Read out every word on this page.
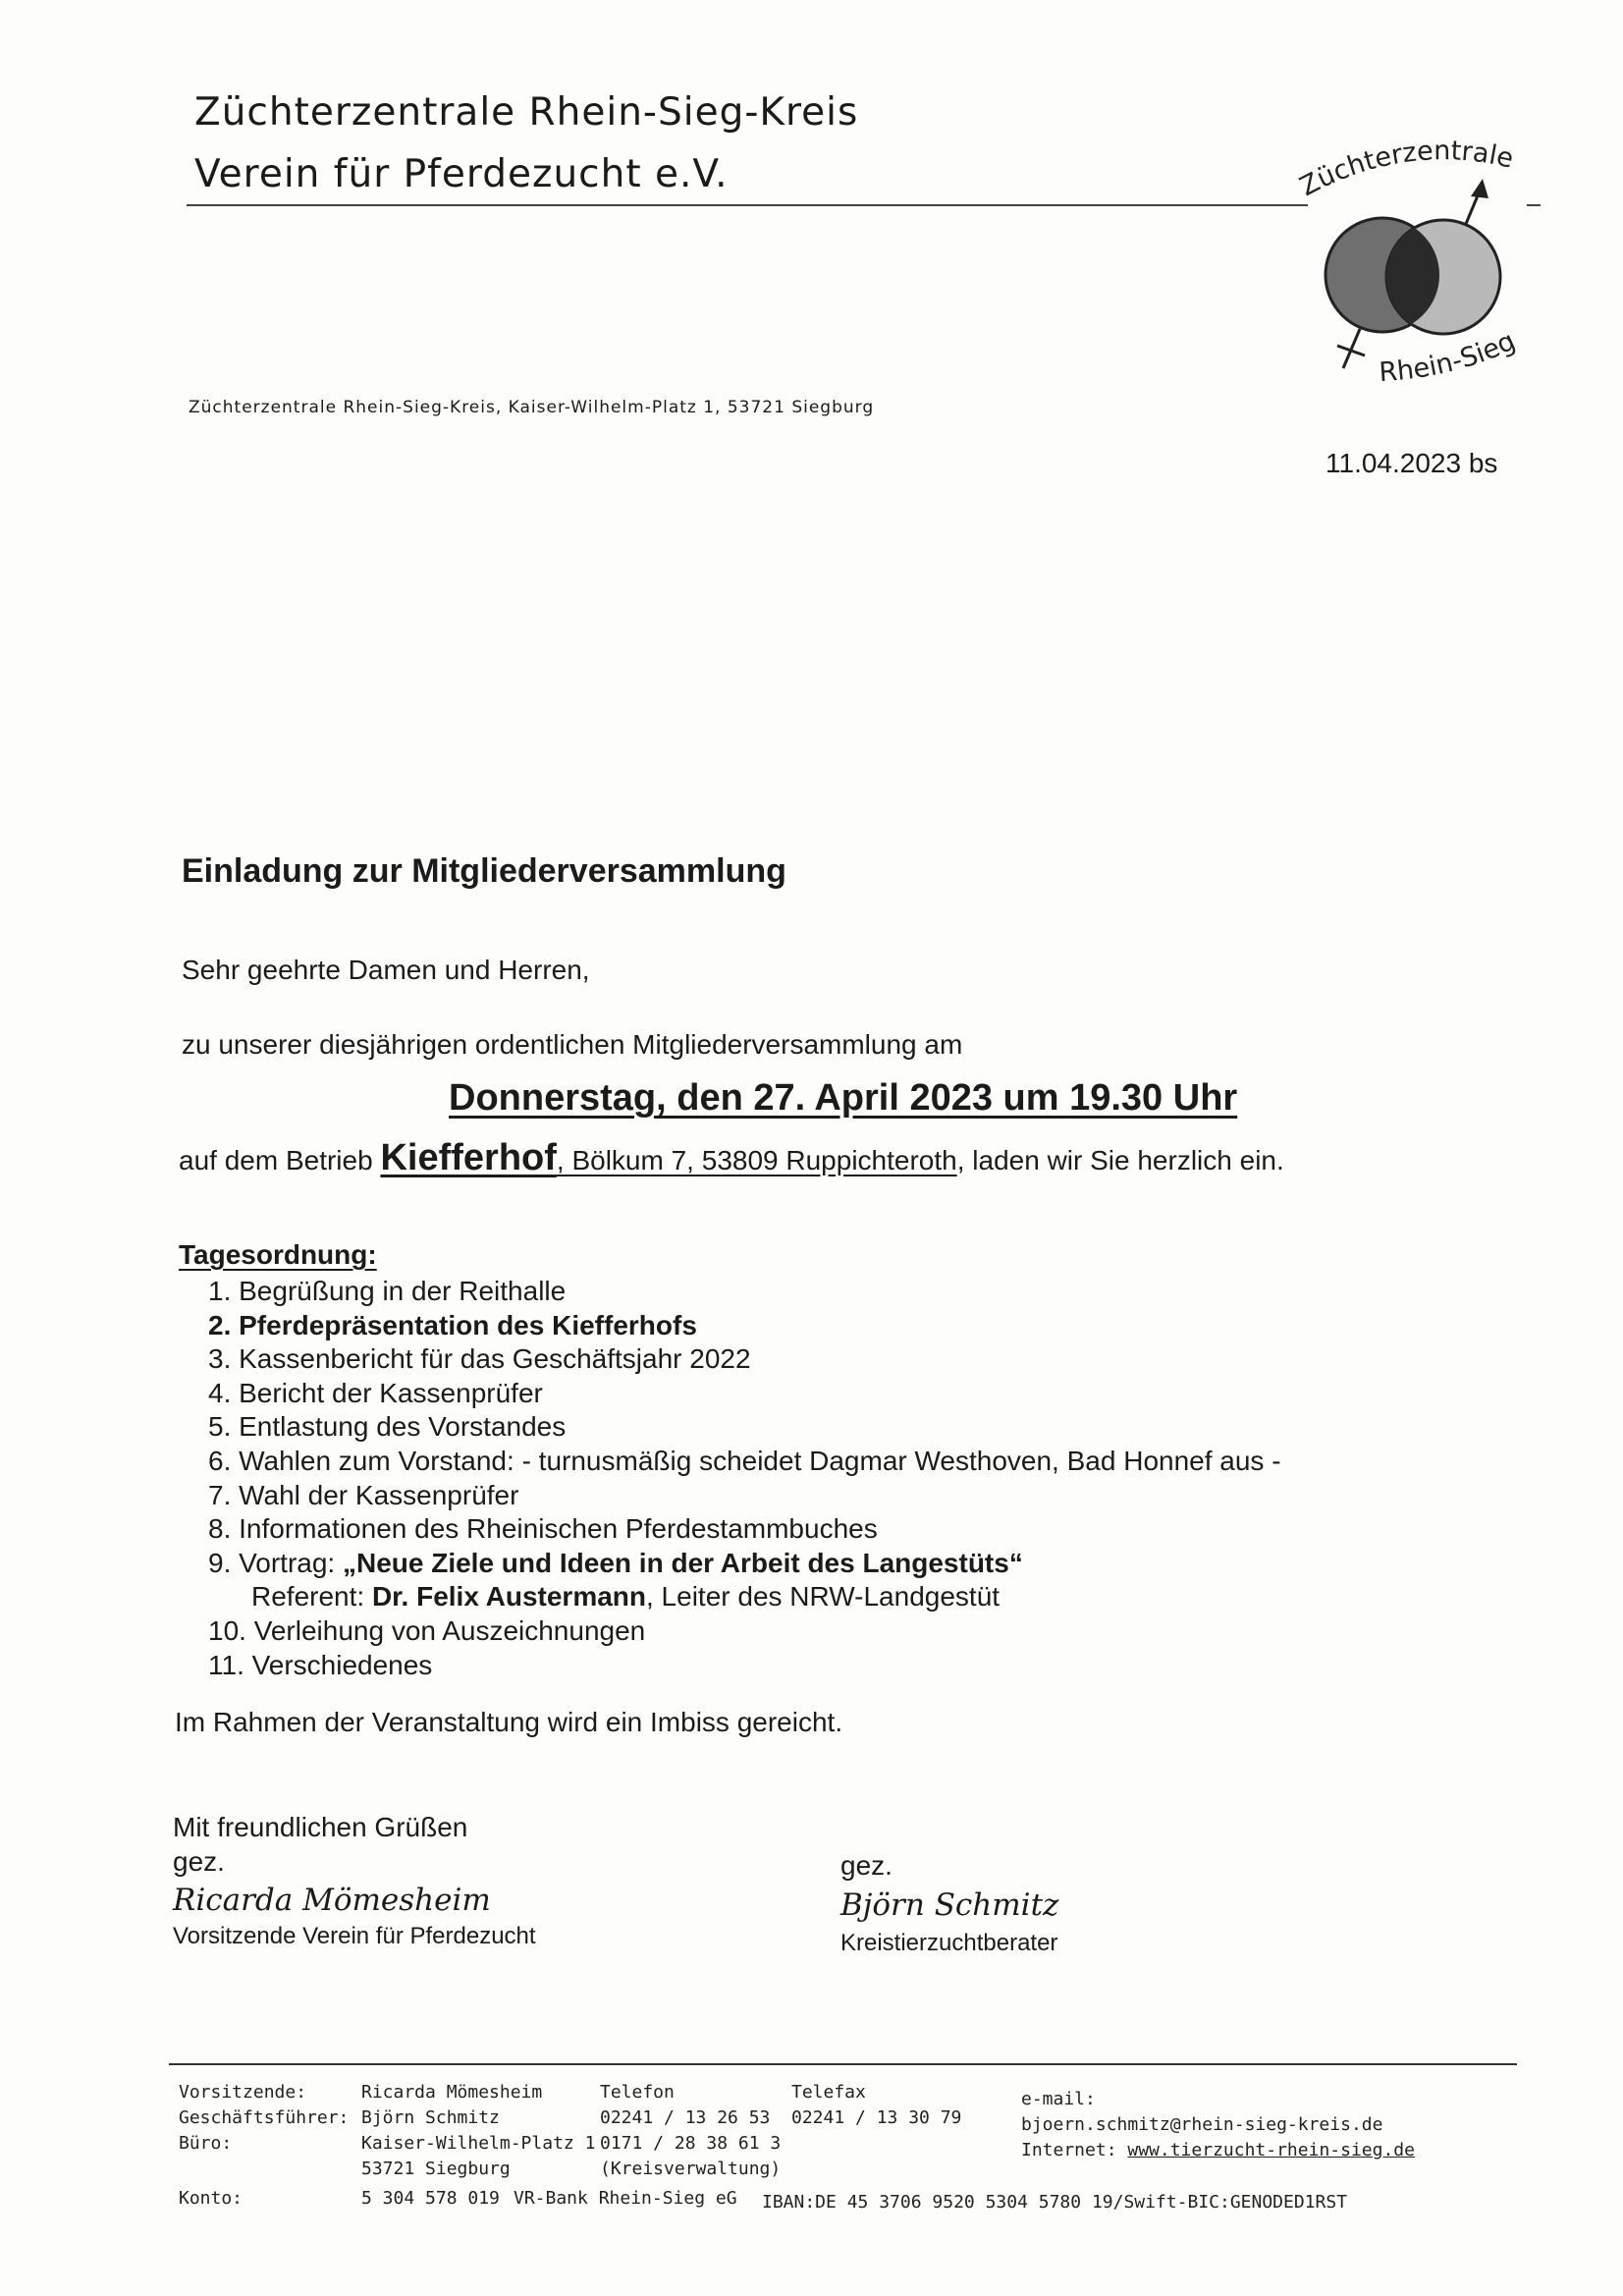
Züchterzentrale Rhein-Sieg-Kreis
Verein für Pferdezucht e.V.	Züchterzentrale
Rhein-Sieg
Züchterzentrale Rhein-Sieg-Kreis, Kaiser-Wilhelm-Platz 1, 53721 Siegburg
11.04.2023 bs
Einladung zur Mitgliederversammlung
Sehr geehrte Damen und Herren,
zu unserer diesjährigen ordentlichen Mitgliederversammlung am
Donnerstag, den 27. April 2023 um 19.30 Uhr
auf dem Betrieb Kiefferhof, Bölkum 7, 53809 Ruppichteroth, laden wir Sie herzlich ein.
Tagesordnung:
1. Begrüßung in der Reithalle
2. Pferdepräsentation des Kiefferhofs
3. Kassenbericht für das Geschäftsjahr 2022
4. Bericht der Kassenprüfer
5. Entlastung des Vorstandes
6. Wahlen zum Vorstand: - turnusmäßig scheidet Dagmar Westhoven, Bad Honnef aus -
7. Wahl der Kassenprüfer
8. Informationen des Rheinischen Pferdestammbuches
9. Vortrag: „Neue Ziele und Ideen in der Arbeit des Langestüts“
Referent: Dr. Felix Austermann, Leiter des NRW-Landgestüt
10. Verleihung von Auszeichnungen
11. Verschiedenes
Im Rahmen der Veranstaltung wird ein Imbiss gereicht.
Mit freundlichen Grüßen
gez.
Ricarda Mömesheim
Vorsitzende Verein für Pferdezucht
gez.
Björn Schmitz
Kreistierzuchtberater
Vorsitzende:
Geschäftsführer:
Büro:
Ricarda Mömesheim
Björn Schmitz
Kaiser-Wilhelm-Platz 1
53721 Siegburg
Telefon
02241 / 13 26 53
0171 / 28 38 61 3
(Kreisverwaltung)
Telefax
02241 / 13 30 79
e-mail:
bjoern.schmitz@rhein-sieg-kreis.de
Internet: www.tierzucht-rhein-sieg.de
Konto:	5 304 578 019 VR-Bank Rhein-Sieg eG IBAN:DE 45 3706 9520 5304 5780 19/Swift-BIC:GENODED1RST
